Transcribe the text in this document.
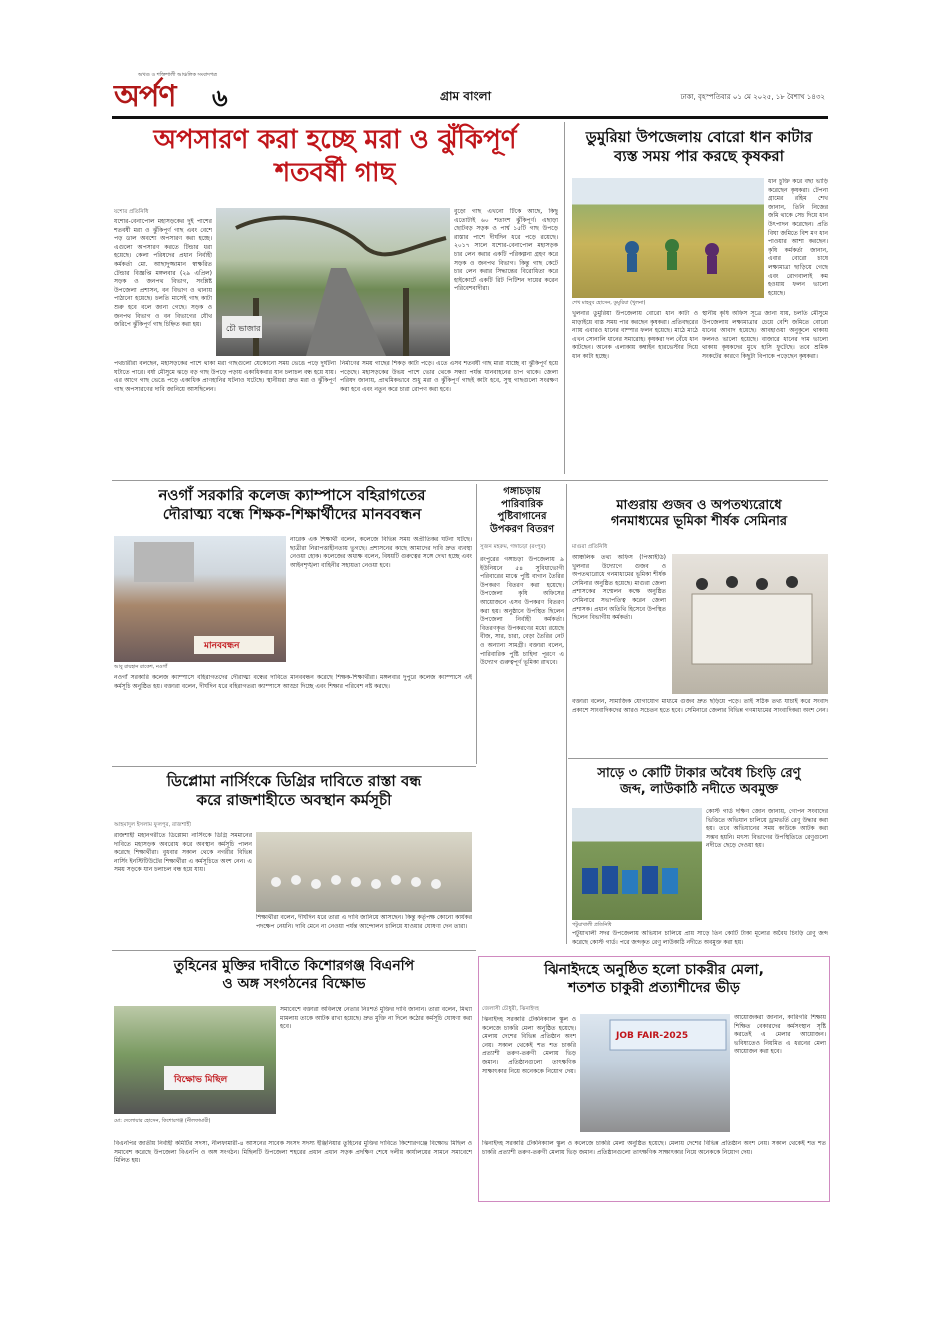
অখণ্ড ও শক্তিশালী আঞ্চলিক সংবাদপত্র
অর্পণ	৬	গ্রাম বাংলা	ঢাকা, বৃহস্পতিবার ০১ মে ২০২৫, ১৮ বৈশাখ ১৪৩২
অপসারণ করা হচ্ছে মরা ও ঝুঁকিপূর্ণ
শতবর্ষী গাছ
যশোর প্রতিনিধি
যশোর-বেনাপোল মহাসড়কের দুই পাশের শতবর্ষী মরা ও ঝুঁকিপূর্ণ গাছ এবং বেশে পড় ডাল অবশ্যে অপসারণ করা হচ্ছে। এগুলো অপসারণ করতে টিন্ডার ধরা হয়েছে। কেলা পরিষদের প্রধান নির্বাহী কর্মকর্তা মো. আছাদুজ্জামান স্বাক্ষরিত টেন্ডার বিজ্ঞপ্তি মঙ্গলবার (২৯ এপ্রিল) সড়ক ও জনপথ বিভাগ, সংশ্লিষ্ট উপজেলা প্রশাসন, বন বিভাগ ও থানায় পাঠানো হয়েছে। চলতি মাসেই গাছ কাটা শুরু হবে বলে জানা গেছে। সড়ক ও জনপথ বিভাগ ও বন বিভাগের যৌথ জরিপে ঝুঁকিপূর্ণ গাছ চিহ্নিত করা হয়।	চৌ ভাজার
বুড়ো গাছ এখনো টিকে আছে, কিছু এতোটাই ৬০ শতাংশ ঝুঁকিপূর্ণ। এছাড়া ছোটবড় সড়ক ও পার্শ্ব ১৫টি গাছ উপড়ে রাস্তার পাশে দীর্ঘদিন ধরে পড়ে রয়েছে। ২০১৭ সালে যশোর-বেনাপোল মহাসড়ক চার লেন করার একটি পরিকল্পনা গ্রহণ করে সড়ক ও জনপথ বিভাগ। কিন্তু গাছ কেটে চার লেন করার সিদ্ধান্তের বিরোধিতা করে হাইকোর্টে একটি রিট পিটিশন দায়ের করেন পরিবেশবাদীরা।
পথচারীরা বলছেন, মহাসড়কের পাশে থাকা মরা গাছগুলো যেকোনো সময় ভেঙে পড়ে দুর্ঘটনা ঘটাতে পারে। বর্ষা মৌসুমে ঝড়ে বড় গাছ উপড়ে পড়ায় একাধিকবার যান চলাচল বন্ধ হয়ে যায়। এর আগে গাছ ভেঙে পড়ে একাধিক প্রাণহানির ঘটনাও ঘটেছে। স্থানীয়রা দ্রুত মরা ও ঝুঁকিপূর্ণ গাছ অপসারণের দাবি জানিয়ে আসছিলেন।
নির্মাণের সময় গাছের শিকড় কাটা পড়ে। এতে এসব শতবর্ষী গাছ মারা যাচ্ছে বা ঝুঁকিপূর্ণ হয়ে পড়েছে। মহাসড়কের উভয় পাশে ভোর থেকে সন্ধ্যা পর্যন্ত যানবাহনের চাপ থাকে। জেলা পরিষদ জানায়, প্রাথমিকভাবে শুধু মরা ও ঝুঁকিপূর্ণ গাছই কাটা হবে, সুস্থ গাছগুলো সংরক্ষণ করা হবে এবং নতুন করে চারা রোপণ করা হবে।
ডুমুরিয়া উপজেলায় বোরো ধান কাটার
ব্যস্ত সময় পার করছে কৃষকরা
শেখ মাহবুব হোসেন, ডুমুরিয়া (খুলনা)
ধান চুক্তি করে বছা ভাড়ি করেছেন কৃষকরা। টেপনা গ্রামের রহিম শেখ জানান, তিনি নিজের জমি থাকে সেচ দিয়ে ধান উৎপাদন করেছেন। প্রতি বিঘা জমিতে বিশ মণ ধান পাওয়ার আশা করছেন। কৃষি কর্মকর্তা জানান, এবার বোরো চাষে লক্ষ্যমাত্রা ছাড়িয়ে গেছে এবং রোগবালাই কম হওয়ায় ফলন ভালো হয়েছে।
খুলনার ডুমুরিয়া উপজেলায় বোরো ধান কাটা ও মাড়াইয়ে ব্যস্ত সময় পার করছেন কৃষকরা। প্রতিবছরের ন্যায় এবারও ধানের বাম্পার ফলন হয়েছে। মাঠে মাঠে এখন সোনালি ধানের সমারোহ। কৃষকরা দল বেঁধে ধান কাটছেন। অনেক এলাকায় কম্বাইন হারভেস্টার দিয়ে ধান কাটা হচ্ছে।
স্থানীয় কৃষি অফিস সূত্রে জানা যায়, চলতি মৌসুমে উপজেলায় লক্ষ্যমাত্রার চেয়ে বেশি জমিতে বোরো ধানের আবাদ হয়েছে। আবহাওয়া অনুকূলে থাকায় ফলনও ভালো হয়েছে। বাজারে ধানের দাম ভালো থাকায় কৃষকদের মুখে হাসি ফুটেছে। তবে শ্রমিক সংকটের কারণে কিছুটা বিপাকে পড়েছেন কৃষকরা।
নওগাঁ সরকারি কলেজ ক্যাম্পাসে বহিরাগতের
দৌরাত্ম্য বন্ধে শিক্ষক-শিক্ষার্থীদের মানববন্ধন
মানববন্ধন
আবু রায়হান রাকেশ, নওগাঁ
নারেক এক শিক্ষার্থী বলেন, কলেজে বিভিন্ন সময় অপ্রীতিকর ঘটনা ঘটছে। ছাত্রীরা নিরাপত্তাহীনতায় ভুগছে। প্রশাসনের কাছে আমাদের দাবি দ্রুত ব্যবস্থা নেওয়া হোক। কলেজের অধ্যক্ষ বলেন, বিষয়টি গুরুত্বের সঙ্গে দেখা হচ্ছে এবং আইনশৃঙ্খলা বাহিনীর সহায়তা নেওয়া হবে।
নওগাঁ সরকারি কলেজ ক্যাম্পাসে বহিরাগতদের দৌরাত্ম্য বন্ধের দাবিতে মানববন্ধন করেছে শিক্ষক-শিক্ষার্থীরা। মঙ্গলবার দুপুরে কলেজ ক্যাম্পাসে এই কর্মসূচি অনুষ্ঠিত হয়। বক্তারা বলেন, দীর্ঘদিন ধরে বহিরাগতরা ক্যাম্পাসে আড্ডা দিচ্ছে এবং শিক্ষার পরিবেশ নষ্ট করছে।
গঙ্গাচড়ায়
পারিবারিক
পুষ্টিবাগানের
উপকরণ বিতরণ
সুজন মহরুম, গঙ্গাচড়া (রংপুর)
রংপুরের গঙ্গাচড়া উপজেলায় ৯ ইউনিয়নে ৫৪ সুবিধাভোগী পরিবারের মাঝে পুষ্টি বাগান তৈরির উপকরণ বিতরণ করা হয়েছে। উপজেলা কৃষি অফিসের আয়োজনে এসব উপকরণ বিতরণ করা হয়। অনুষ্ঠানে উপস্থিত ছিলেন উপজেলা নির্বাহী কর্মকর্তা। বিতরণকৃত উপকরণের মধ্যে রয়েছে বীজ, সার, চারা, বেড়া তৈরির নেট ও অন্যান্য সামগ্রী। বক্তারা বলেন, পারিবারিক পুষ্টি চাহিদা পূরণে এ উদ্যোগ গুরুত্বপূর্ণ ভূমিকা রাখবে।
মাগুরায় গুজব ও অপতথ্যরোধে
গনমাধ্যমের ভূমিকা শীর্ষক সেমিনার
মাগুরা প্রতিনিধি
আঞ্চলিক তথ্য অফিস (পিআইডি) খুলনার উদ্যোগে গুজব ও অপতথ্যরোধে গনমাধ্যমের ভূমিকা শীর্ষক সেমিনার অনুষ্ঠিত হয়েছে। মাগুরা জেলা প্রশাসকের সম্মেলন কক্ষে অনুষ্ঠিত সেমিনারে সভাপতিত্ব করেন জেলা প্রশাসক। প্রধান অতিথি হিসেবে উপস্থিত ছিলেন বিভাগীয় কর্মকর্তা।
বক্তারা বলেন, সামাজিক যোগাযোগ মাধ্যমে গুজব দ্রুত ছড়িয়ে পড়ে। তাই সঠিক তথ্য যাচাই করে সংবাদ প্রকাশে সাংবাদিকদের আরও সচেতন হতে হবে। সেমিনারে জেলার বিভিন্ন গণমাধ্যমের সাংবাদিকরা অংশ নেন।
সাড়ে ৩ কোটি টাকার অবৈধ চিংড়ি রেণু
জব্দ, লাউকাঠি নদীতে অবমুক্ত
পটুয়াখালী প্রতিনিধি
কোস্ট গার্ড দক্ষিণ জোন জানায়, গোপন সংবাদের ভিত্তিতে অভিযান চালিয়ে ড্রামভর্তি রেণু উদ্ধার করা হয়। তবে অভিযানের সময় কাউকে আটক করা সম্ভব হয়নি। মৎস্য বিভাগের উপস্থিতিতে রেণুগুলো নদীতে ছেড়ে দেওয়া হয়।
পটুয়াখালী সদর উপজেলায় অভিযান চালিয়ে প্রায় সাড়ে তিন কোটি টাকা মূল্যের অবৈধ চিংড়ি রেণু জব্দ করেছে কোস্ট গার্ড। পরে জব্দকৃত রেণু লাউকাঠি নদীতে অবমুক্ত করা হয়।
ডিপ্লোমা নার্সিংকে ডিগ্রির দাবিতে রাস্তা বন্ধ
করে রাজশাহীতে অবস্থান কর্মসূচী
আহমাদুল ইসলাম ফুলপুর, রাজশাহী
রাজশাহী মহানগরীতে ডিপ্লোমা নার্সিংকে ডিগ্রি সমমানের দাবিতে মহাসড়ক অবরোধ করে অবস্থান কর্মসূচি পালন করেছে শিক্ষার্থীরা। বুধবার সকাল থেকে নগরীর বিভিন্ন নার্সিং ইনস্টিটিউটের শিক্ষার্থীরা এ কর্মসূচিতে অংশ নেন। এ সময় সড়কে যান চলাচল বন্ধ হয়ে যায়।
শিক্ষার্থীরা বলেন, দীর্ঘদিন ধরে তারা এ দাবি জানিয়ে আসছেন। কিন্তু কর্তৃপক্ষ কোনো কার্যকর পদক্ষেপ নেয়নি। দাবি মেনে না নেওয়া পর্যন্ত আন্দোলন চালিয়ে যাওয়ার ঘোষণা দেন তারা।
তুহিনের মুক্তির দাবীতে কিশোরগঞ্জ বিএনপি
ও অঙ্গ সংগঠনের বিক্ষোভ
বিক্ষোভ মিছিল
মো: দেলোয়ার হোসেন, কিশোরগঞ্জ (নীলফামারী)
সমাবেশে বক্তারা অবিলম্বে নেতার নিঃশর্ত মুক্তির দাবি জানান। তারা বলেন, মিথ্যা মামলায় তাকে আটক রাখা হয়েছে। দ্রুত মুক্তি না দিলে কঠোর কর্মসূচি ঘোষণা করা হবে।
বিএনপির জাতীয় নির্বাহী কমিটির সদস্য, নীলফামারী-৪ আসনের সাবেক সংসদ সদস্য ইঞ্জিনিয়ার তুহিনের মুক্তির দাবিতে কিশোরগঞ্জে বিক্ষোভ মিছিল ও সমাবেশ করেছে উপজেলা বিএনপি ও অঙ্গ সংগঠন। মিছিলটি উপজেলা শহরের প্রধান প্রধান সড়ক প্রদক্ষিণ শেষে দলীয় কার্যালয়ের সামনে সমাবেশে মিলিত হয়।
ঝিনাইদহে অনুষ্ঠিত হলো চাকরীর মেলা,
শতশত চাকুরী প্রত্যাশীদের ভীড়
জেলাসী চৌধুরী, ঝিনাইদহ
ঝিনাইদহ সরকারি টেকনিক্যাল স্কুল ও কলেজে চাকরি মেলা অনুষ্ঠিত হয়েছে। মেলায় দেশের বিভিন্ন প্রতিষ্ঠান অংশ নেয়। সকাল থেকেই শত শত চাকরি প্রত্যাশী তরুণ-তরুণী মেলায় ভিড় জমান। প্রতিষ্ঠানগুলো তাৎক্ষণিক সাক্ষাৎকার নিয়ে অনেককে নিয়োগ দেয়।
JOB FAIR-2025
আয়োজকরা জানান, কারিগরি শিক্ষায় শিক্ষিত বেকারদের কর্মসংস্থান সৃষ্টি করতেই এ মেলার আয়োজন। ভবিষ্যতেও নিয়মিত এ ধরনের মেলা আয়োজন করা হবে।
ঝিনাইদহ সরকারি টেকনিক্যাল স্কুল ও কলেজে চাকরি মেলা অনুষ্ঠিত হয়েছে। মেলায় দেশের বিভিন্ন প্রতিষ্ঠান অংশ নেয়। সকাল থেকেই শত শত চাকরি প্রত্যাশী তরুণ-তরুণী মেলায় ভিড় জমান। প্রতিষ্ঠানগুলো তাৎক্ষণিক সাক্ষাৎকার নিয়ে অনেককে নিয়োগ দেয়।
